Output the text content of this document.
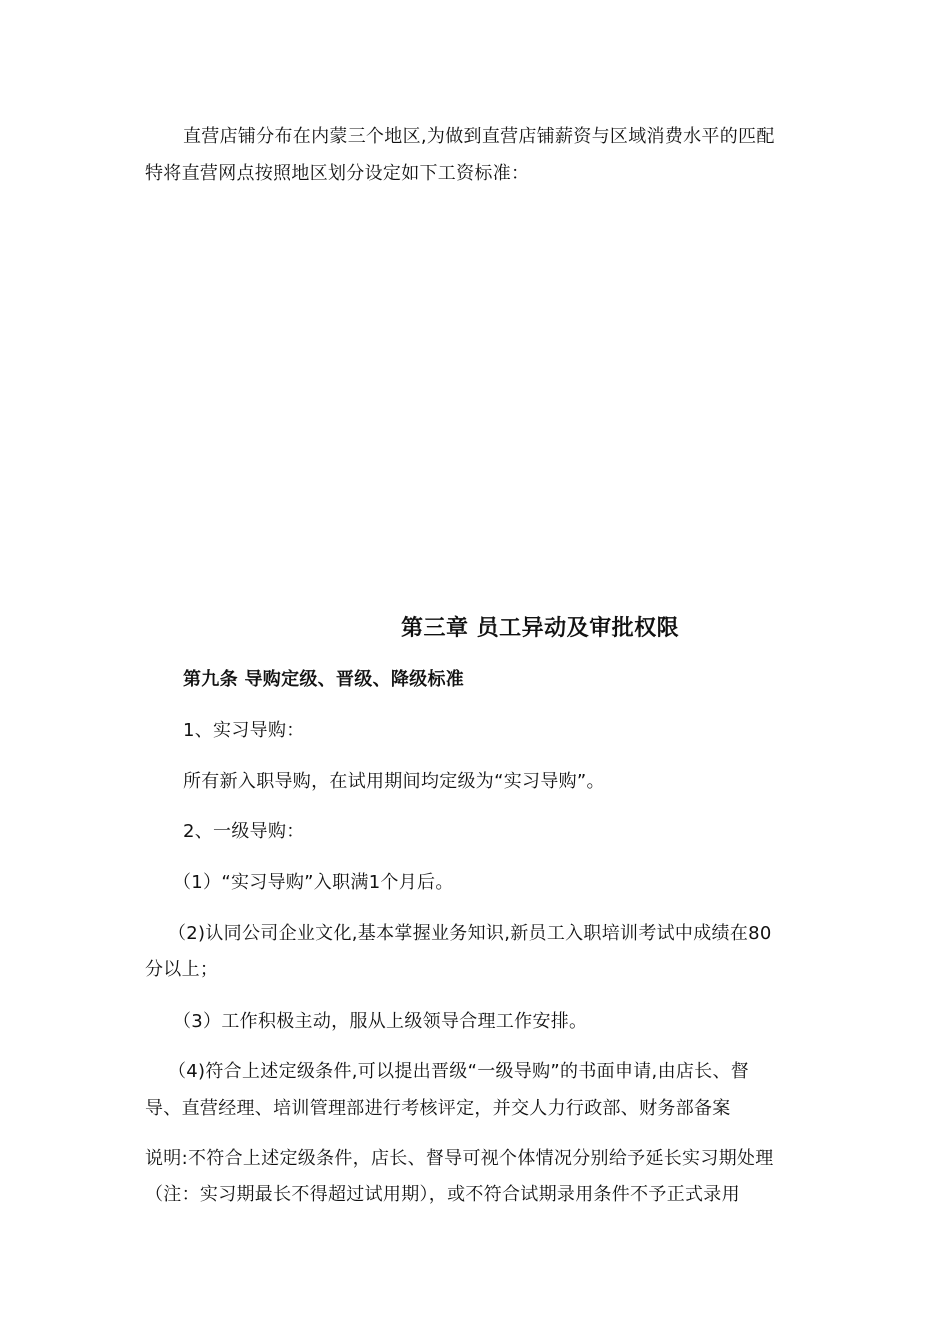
直营店铺分布在内蒙三个地区,为做到直营店铺薪资与区域消费水平的匹配
特将直营网点按照地区划分设定如下工资标准：
第三章 员工异动及审批权限
第九条 导购定级、晋级、降级标准
1、实习导购：
所有新入职导购，在试用期间均定级为“实习导购”。
2、一级导购：
（1）“实习导购”入职满1个月后。
（2)认同公司企业文化,基本掌握业务知识,新员工入职培训考试中成绩在80
分以上；
（3）工作积极主动，服从上级领导合理工作安排。
（4)符合上述定级条件,可以提出晋级“一级导购”的书面申请,由店长、督
导、直营经理、培训管理部进行考核评定，并交人力行政部、财务部备案
说明:不符合上述定级条件，店长、督导可视个体情况分别给予延长实习期处理
（注：实习期最长不得超过试用期），或不符合试期录用条件不予正式录用
